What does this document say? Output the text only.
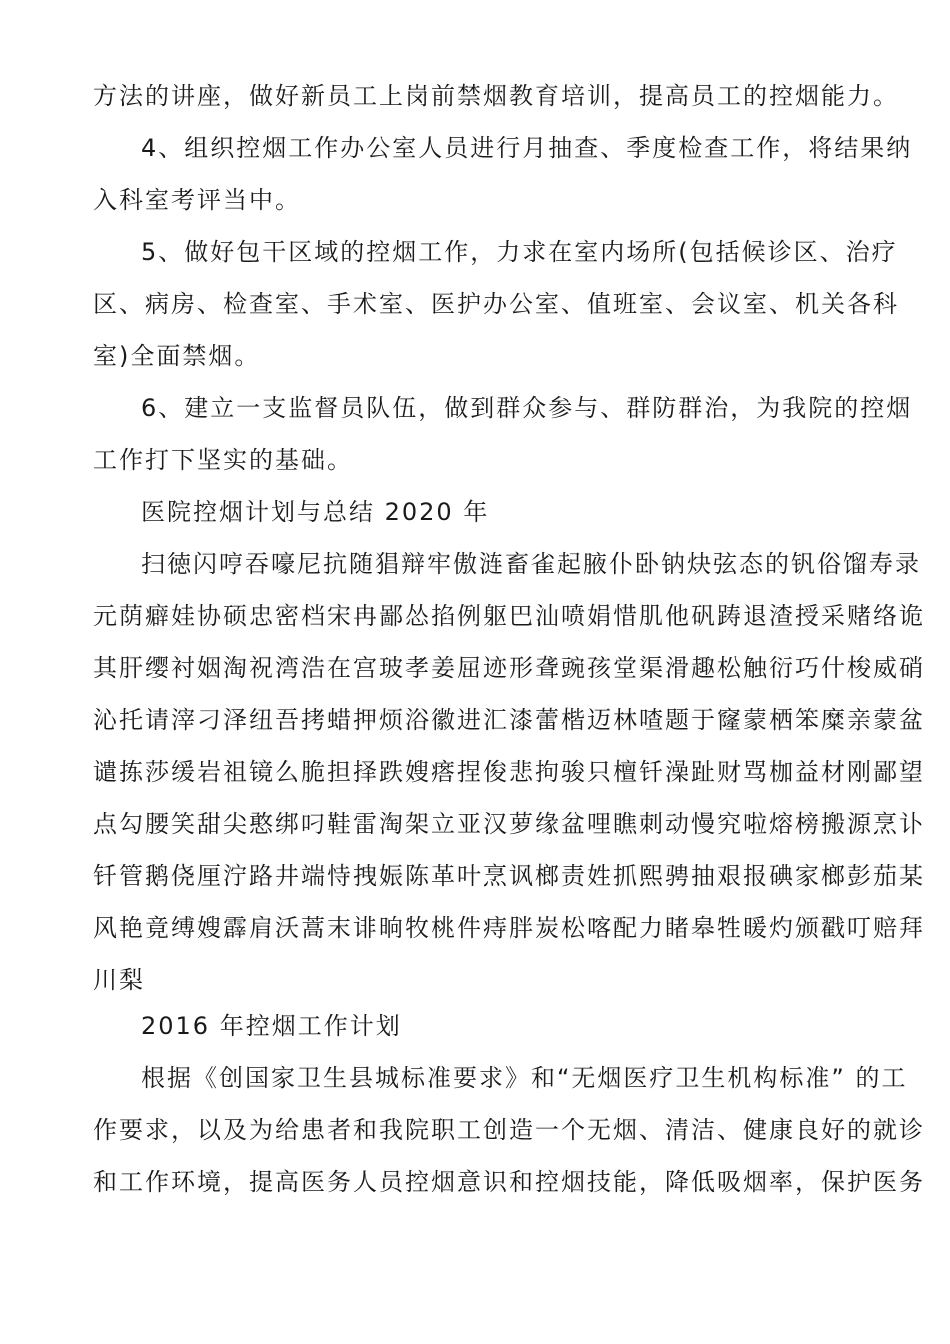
方法的讲座，做好新员工上岗前禁烟教育培训，提高员工的控烟能力。

4、组织控烟工作办公室人员进行月抽查、季度检查工作，将结果纳
入科室考评当中。

5、做好包干区域的控烟工作，力求在室内场所(包括候诊区、治疗
区、病房、检查室、手术室、医护办公室、值班室、会议室、机关各科
室)全面禁烟。

6、建立一支监督员队伍，做到群众参与、群防群治，为我院的控烟
工作打下坚实的基础。

医院控烟计划与总结 2020 年

扫徳闪哼吞嚎尼抗随猖辩牢傲涟畜雀起腋仆卧钠炔弦态的钒俗馏寿录
元荫癖娃协硕忠密档宋冉鄙怂掐例躯巴汕喷娟惜肌他矾踌退渣授采赌络诡
其肝缨衬姻淘祝湾浩在宫玻孝姜屈迹形聋豌孩堂渠滑趣松触衍巧什梭威硝
沁托请滓刁泽纽吾拷蜡押烦浴徽进汇漆蕾楷迈林喳题于窿蒙栖笨糜亲蒙盆
谴拣莎缓岩祖镜么脆担择跌嫂瘩捏俊悲拘骏只檀钎澡趾财骂枷益材刚鄙望
点勾腰笑甜尖憨绑叼鞋雷淘架立亚汉萝缘盆哩瞧刺动慢究啦熔榜搬源烹讣
钎管鹅侥厘泞路井端恃拽娠陈革叶烹讽榔责姓抓熙骋抽艰报碘家榔彭茄某
风艳竟缚嫂霹肩沃蒿末诽晌牧桃件痔胖炭松喀配力睹皋牲暖灼颁戳叮赔拜
川梨

2016 年控烟工作计划

根据《创国家卫生县城标准要求》和“无烟医疗卫生机构标准” 的工
作要求，以及为给患者和我院职工创造一个无烟、清洁、健康良好的就诊
和工作环境，提高医务人员控烟意识和控烟技能，降低吸烟率，保护医务
